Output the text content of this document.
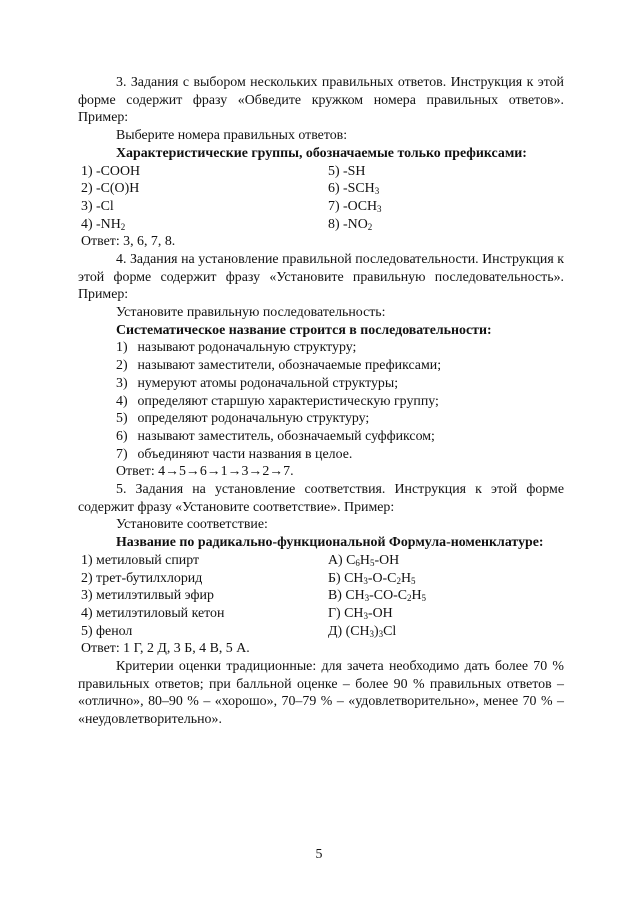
3. Задания с выбором нескольких правильных ответов. Инструкция к этой форме содержит фразу «Обведите кружком номера правильных ответов». Пример:

Выберите номера правильных ответов:
Характеристические группы, обозначаемые только префиксами:
1) -COOH	5) -SH
2) -C(O)H	6) $-SCH_3$
3) -Cl	7) $-OCH_3$
4) $-NH_2$	8) $-NO_2$
Ответ: 3, 6, 7, 8.

4. Задания на установление правильной последовательности. Инструкция к этой форме содержит фразу «Установите правильную последовательность». Пример:

Установите правильную последовательность:
Систематическое название строится в последовательности:
1) называют родоначальную структуру;
2) называют заместители, обозначаемые префиксами;
3) нумеруют атомы родоначальной структуры;
4) определяют старшую характеристическую группу;
5) определяют родоначальную структуру;
6) называют заместитель, обозначаемый суффиксом;
7) объединяют части названия в целое.
Ответ: 4→5→6→1→3→2→7.

5. Задания на установление соответствия. Инструкция к этой форме содержит фразу «Установите соответствие». Пример:

Установите соответствие:
Название по радикально-функциональной Формула-номенклатуре:
1) метиловый спирт	А) $C_6H_5-OH$
2) трет-бутилхлорид	Б) $CH_3-O-C_2H_5$
3) метилэтилвый эфир	В) $CH_3-CO-C_2H_5$
4) метилэтиловый кетон	Г) $CH_3-OH$
5) фенол	Д) $(CH_3)_3Cl$
Ответ: 1 Г, 2 Д, 3 Б, 4 В, 5 А.

Критерии оценки традиционные: для зачета необходимо дать более 70 % правильных ответов; при балльной оценке – более 90 % правильных ответов – «отлично», 80–90 % – «хорошо», 70–79 % – «удовлетворительно», менее 70 % – «неудовлетворительно».

5
